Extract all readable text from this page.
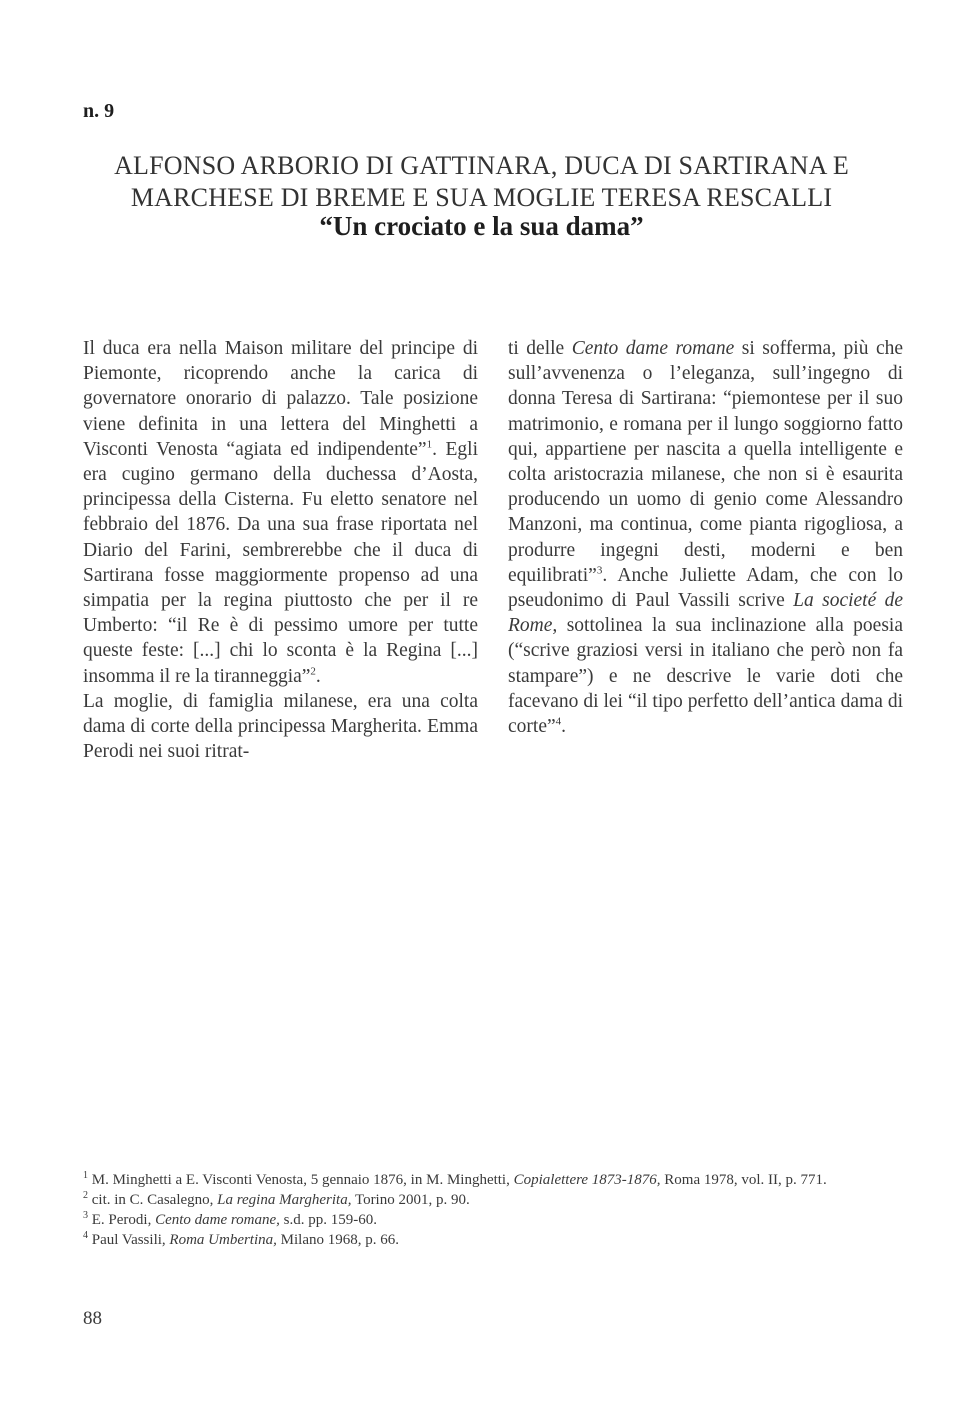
n. 9
ALFONSO ARBORIO DI GATTINARA, DUCA DI SARTIRANA E
MARCHESE DI BREME E SUA MOGLIE TERESA RESCALLI
“Un crociato e la sua dama”

Il duca era nella Maison militare del principe di Piemonte, ricoprendo anche la carica di governatore onorario di palazzo. Tale posizione viene definita in una lettera del Minghetti a Visconti Venosta “agiata ed indipendente”$^1$. Egli era cugino germano della duchessa d’Aosta, principessa della Cisterna. Fu eletto senatore nel febbraio del 1876. Da una sua frase riportata nel Diario del Farini, sembrerebbe che il duca di Sartirana fosse maggiormente propenso ad una simpatia per la regina piuttosto che per il re Umberto: “il Re è di pessimo umore per tutte queste feste: [...] chi lo sconta è la Regina [...] insomma il re la tiranneggia”$^2$.

La moglie, di famiglia milanese, era una colta dama di corte della principessa Margherita. Emma Perodi nei suoi ritrat-

ti delle Cento dame romane si sofferma, più che sull’avvenenza o l’eleganza, sull’ingegno di donna Teresa di Sartirana: “piemontese per il suo matrimonio, e romana per il lungo soggiorno fatto qui, appartiene per nascita a quella intelligente e colta aristocrazia milanese, che non si è esaurita producendo un uomo di genio come Alessandro Manzoni, ma continua, come pianta rigogliosa, a produrre ingegni desti, moderni e ben equilibrati”$^3$. Anche Juliette Adam, che con lo pseudonimo di Paul Vassili scrive La societé de Rome, sottolinea la sua inclinazione alla poesia (“scrive graziosi versi in italiano che però non fa stampare”) e ne descrive le varie doti che facevano di lei “il tipo perfetto dell’antica dama di corte”$^4$.

$^1$ M. Minghetti a E. Visconti Venosta, 5 gennaio 1876, in M. Minghetti, Copialettere 1873-1876, Roma 1978, vol. II, p. 771.

$^2$ cit. in C. Casalegno, La regina Margherita, Torino 2001, p. 90.

$^3$ E. Perodi, Cento dame romane, s.d. pp. 159-60.

$^4$ Paul Vassili, Roma Umbertina, Milano 1968, p. 66.

88
